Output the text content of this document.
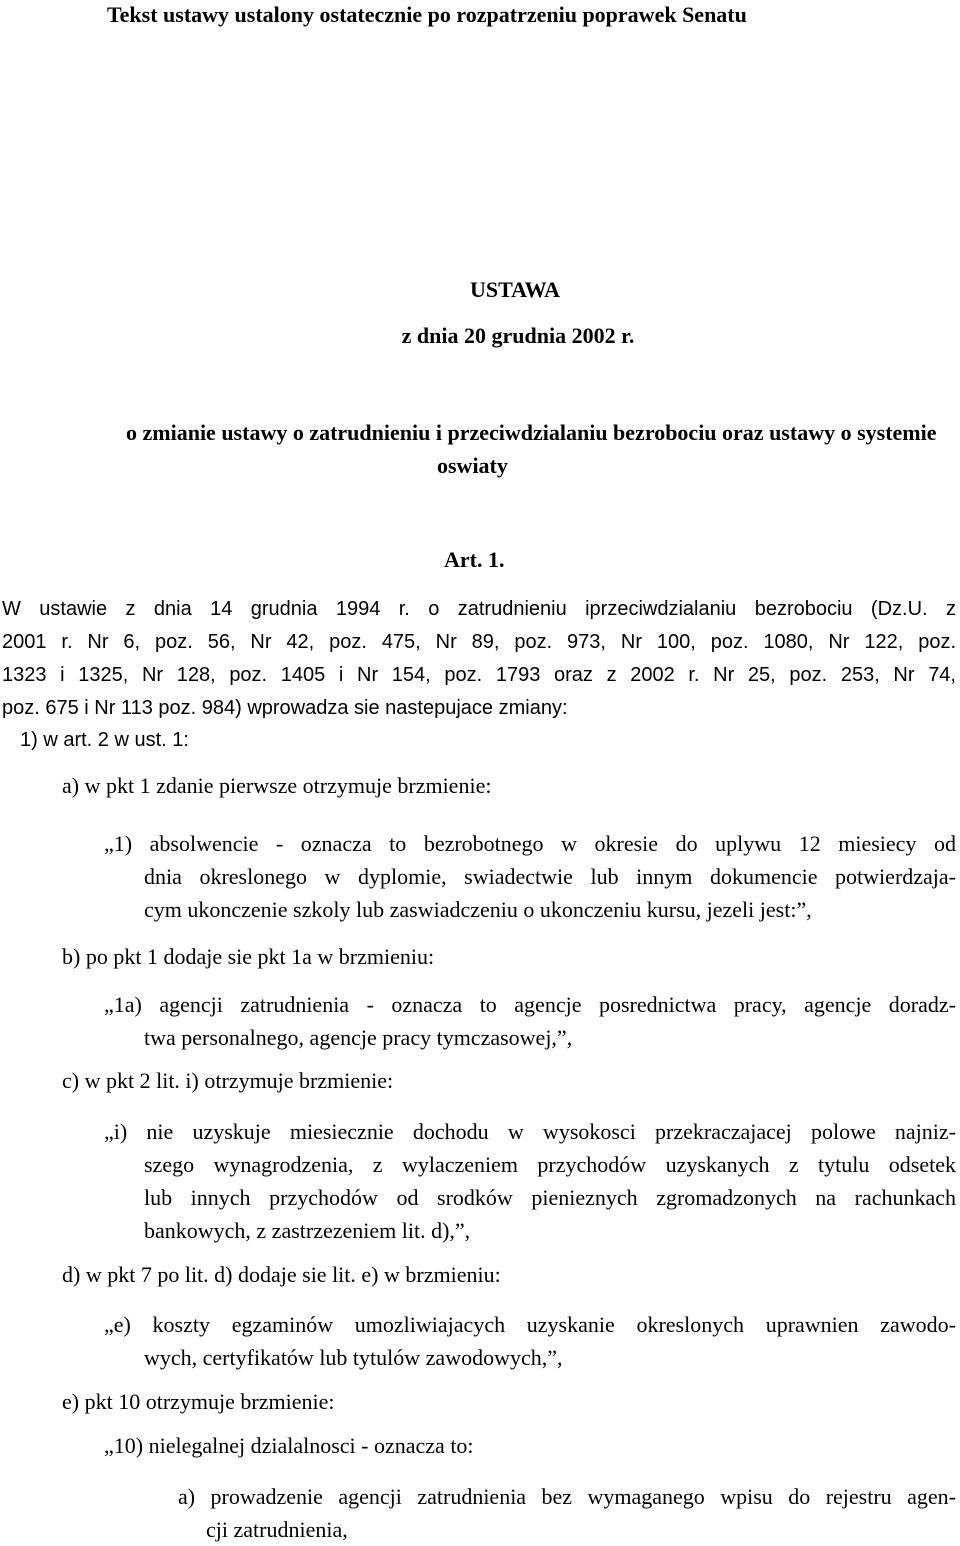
Tekst ustawy ustalony ostatecznie po rozpatrzeniu poprawek Senatu
USTAWA
z dnia 20 grudnia 2002 r.
o zmianie ustawy o zatrudnieniu i przeciwdzialaniu bezrobociu oraz ustawy o systemie
oswiaty
Art. 1.
W ustawie z dnia 14 grudnia 1994 r. o zatrudnieniu iprzeciwdzialaniu bezrobociu (Dz.U. z
2001 r. Nr 6, poz. 56, Nr 42, poz. 475, Nr 89, poz. 973, Nr 100, poz. 1080, Nr 122, poz.
1323 i 1325, Nr 128, poz. 1405 i Nr 154, poz. 1793 oraz z 2002 r. Nr 25, poz. 253, Nr 74,
poz. 675 i Nr 113 poz. 984) wprowadza sie nastepujace zmiany:
1) w art. 2 w ust. 1:
a) w pkt 1 zdanie pierwsze otrzymuje brzmienie:

„1) absolwencie - oznacza to bezrobotnego w okresie do uplywu 12 miesiecy od

dnia okreslonego w dyplomie, swiadectwie lub innym dokumencie potwierdzaja-

cym ukonczenie szkoly lub zaswiadczeniu o ukonczeniu kursu, jezeli jest:”,

b) po pkt 1 dodaje sie pkt 1a w brzmieniu:

„1a) agencji zatrudnienia - oznacza to agencje posrednictwa pracy, agencje doradz-

twa personalnego, agencje pracy tymczasowej,”,

c) w pkt 2 lit. i) otrzymuje brzmienie:

„i) nie uzyskuje miesiecznie dochodu w wysokosci przekraczajacej polowe najniz-

szego wynagrodzenia, z wylaczeniem przychodów uzyskanych z tytulu odsetek

lub innych przychodów od srodków pienieznych zgromadzonych na rachunkach

bankowych, z zastrzezeniem lit. d),”,

d) w pkt 7 po lit. d) dodaje sie lit. e) w brzmieniu:

„e) koszty egzaminów umozliwiajacych uzyskanie okreslonych uprawnien zawodo-

wych, certyfikatów lub tytulów zawodowych,”,

e) pkt 10 otrzymuje brzmienie:
„10) nielegalnej dzialalnosci - oznacza to:

a) prowadzenie agencji zatrudnienia bez wymaganego wpisu do rejestru agen-

cji zatrudnienia,
